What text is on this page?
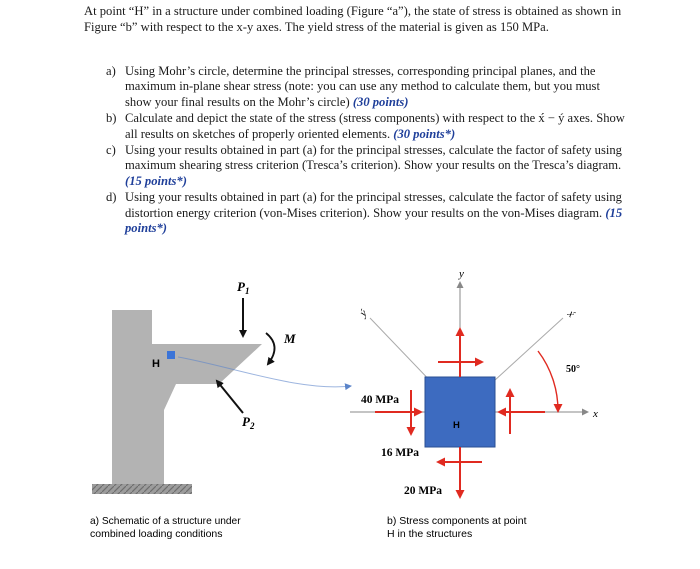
At point “H” in a structure under combined loading (Figure “a”), the state of stress is obtained as shown in Figure “b” with respect to the x-y axes. The yield stress of the material is given as 150 MPa.
a) Using Mohr’s circle, determine the principal stresses, corresponding principal planes, and the maximum in-plane shear stress (note: you can use any method to calculate them, but you must show your final results on the Mohr’s circle) (30 points)
b) Calculate and depict the state of the stress (stress components) with respect to the x́ − ý axes. Show all results on sketches of properly oriented elements. (30 points*)
c) Using your results obtained in part (a) for the principal stresses, calculate the factor of safety using maximum shearing stress criterion (Tresca’s criterion). Show your results on the Tresca’s diagram. (15 points*)
d) Using your results obtained in part (a) for the principal stresses, calculate the factor of safety using distortion energy criterion (von-Mises criterion). Show your results on the von-Mises diagram. (15 points*)
H
$P_1$
$P_2$
M
a) Schematic of a structure under
combined loading conditions
y
x
ý	x́
50°
H
40 MPa
16 MPa
20 MPa
b) Stress components at point
H in the structures
